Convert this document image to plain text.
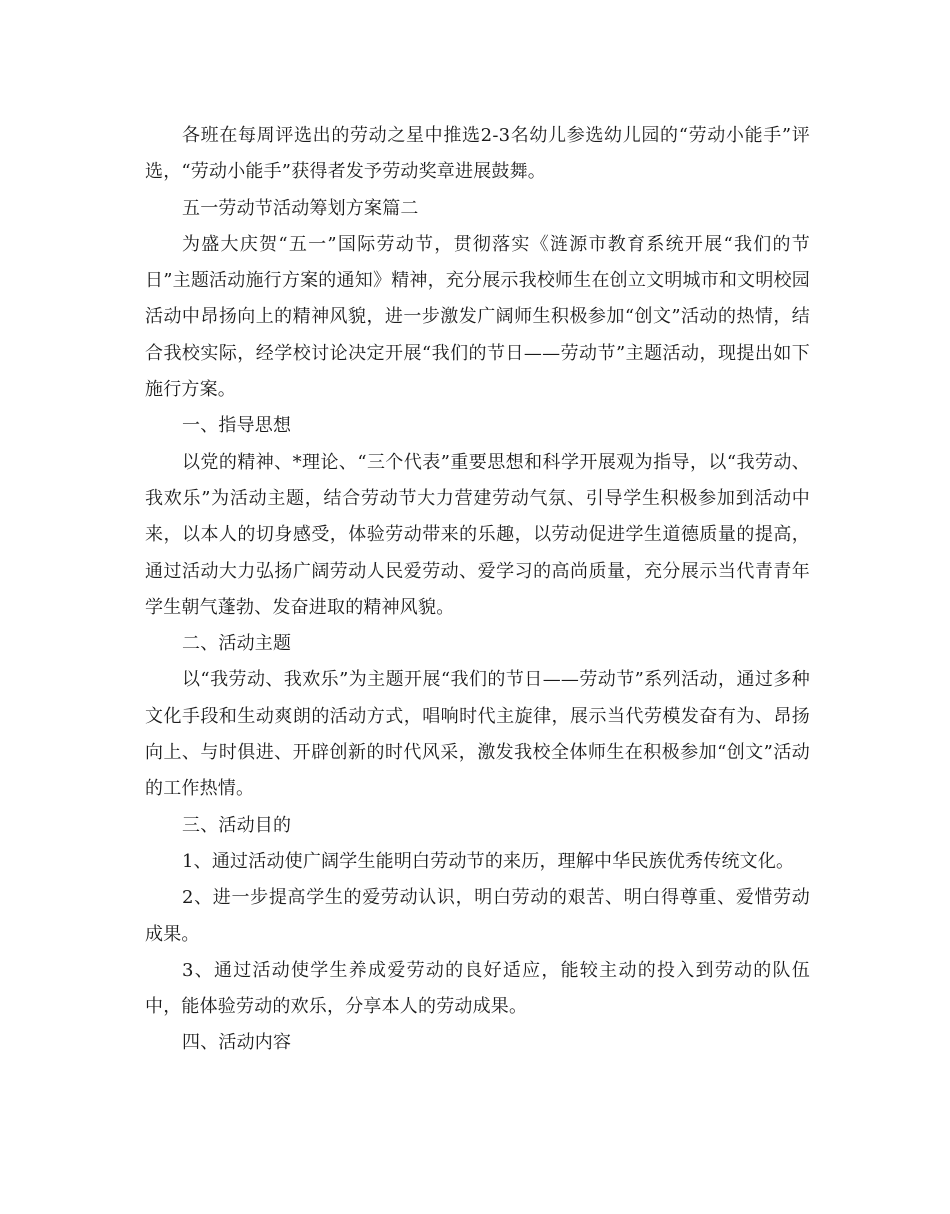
各班在每周评选出的劳动之星中推选2-3名幼儿参选幼儿园的“劳动小能手”评选，“劳动小能手”获得者发予劳动奖章进展鼓舞。

五一劳动节活动筹划方案篇二

为盛大庆贺“五一”国际劳动节，贯彻落实《涟源市教育系统开展“我们的节日”主题活动施行方案的通知》精神，充分展示我校师生在创立文明城市和文明校园活动中昂扬向上的精神风貌，进一步激发广阔师生积极参加“创文”活动的热情，结合我校实际，经学校讨论决定开展“我们的节日——劳动节”主题活动，现提出如下施行方案。

一、指导思想

以党的精神、*理论、“三个代表”重要思想和科学开展观为指导，以“我劳动、我欢乐”为活动主题，结合劳动节大力营建劳动气氛、引导学生积极参加到活动中来，以本人的切身感受，体验劳动带来的乐趣，以劳动促进学生道德质量的提高，通过活动大力弘扬广阔劳动人民爱劳动、爱学习的高尚质量，充分展示当代青青年学生朝气蓬勃、发奋进取的精神风貌。

二、活动主题

以“我劳动、我欢乐”为主题开展“我们的节日——劳动节”系列活动，通过多种文化手段和生动爽朗的活动方式，唱响时代主旋律，展示当代劳模发奋有为、昂扬向上、与时俱进、开辟创新的时代风采，激发我校全体师生在积极参加“创文”活动的工作热情。

三、活动目的

1、通过活动使广阔学生能明白劳动节的来历，理解中华民族优秀传统文化。

2、进一步提高学生的爱劳动认识，明白劳动的艰苦、明白得尊重、爱惜劳动成果。

3、通过活动使学生养成爱劳动的良好适应，能较主动的投入到劳动的队伍中，能体验劳动的欢乐，分享本人的劳动成果。

四、活动内容
